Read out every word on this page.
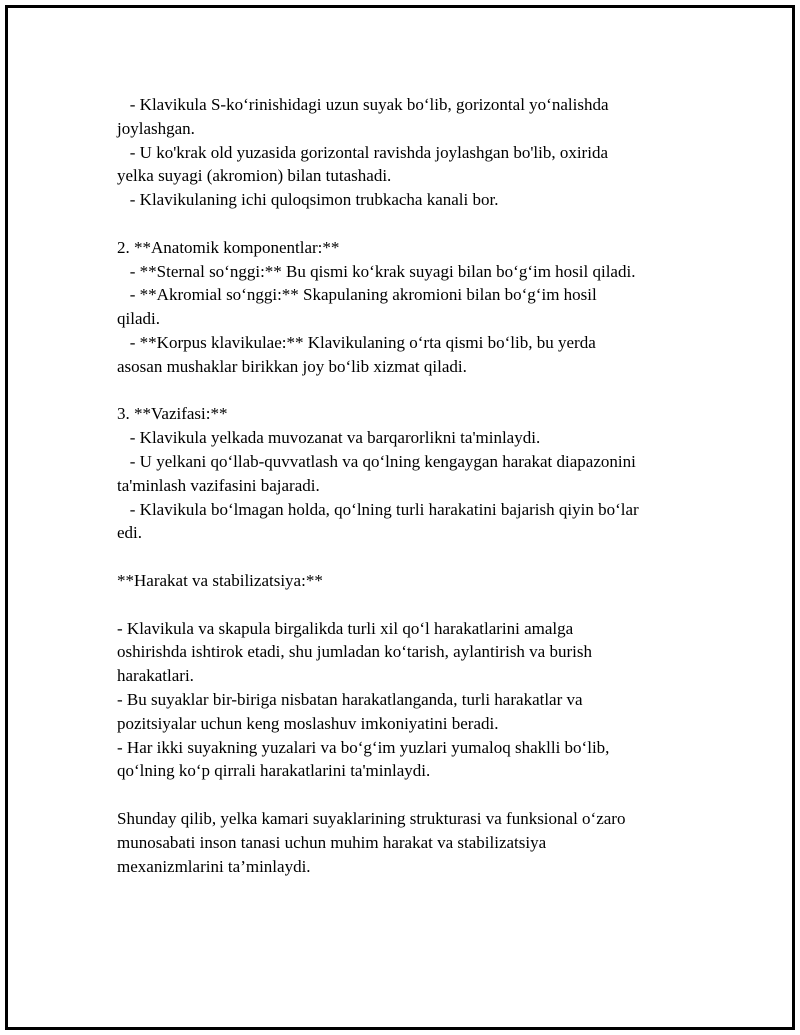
- Klavikula S-ko‘rinishidagi uzun suyak bo‘lib, gorizontal yo‘nalishda
joylashgan.
- U ko'krak old yuzasida gorizontal ravishda joylashgan bo'lib, oxirida
yelka suyagi (akromion) bilan tutashadi.
- Klavikulaning ichi quloqsimon trubkacha kanali bor.
2. **Anatomik komponentlar:**
- **Sternal so‘nggi:** Bu qismi ko‘krak suyagi bilan bo‘g‘im hosil qiladi.
- **Akromial so‘nggi:** Skapulaning akromioni bilan bo‘g‘im hosil
qiladi.
- **Korpus klavikulae:** Klavikulaning o‘rta qismi bo‘lib, bu yerda
asosan mushaklar birikkan joy bo‘lib xizmat qiladi.
3. **Vazifasi:**
- Klavikula yelkada muvozanat va barqarorlikni ta'minlaydi.
- U yelkani qo‘llab-quvvatlash va qo‘lning kengaygan harakat diapazonini
ta'minlash vazifasini bajaradi.
- Klavikula bo‘lmagan holda, qo‘lning turli harakatini bajarish qiyin bo‘lar
edi.
**Harakat va stabilizatsiya:**
- Klavikula va skapula birgalikda turli xil qo‘l harakatlarini amalga
oshirishda ishtirok etadi, shu jumladan ko‘tarish, aylantirish va burish
harakatlari.
- Bu suyaklar bir-biriga nisbatan harakatlanganda, turli harakatlar va
pozitsiyalar uchun keng moslashuv imkoniyatini beradi.
- Har ikki suyakning yuzalari va bo‘g‘im yuzlari yumaloq shaklli bo‘lib,
qo‘lning ko‘p qirrali harakatlarini ta'minlaydi.
Shunday qilib, yelka kamari suyaklarining strukturasi va funksional o‘zaro
munosabati inson tanasi uchun muhim harakat va stabilizatsiya
mexanizmlarini ta’minlaydi.
